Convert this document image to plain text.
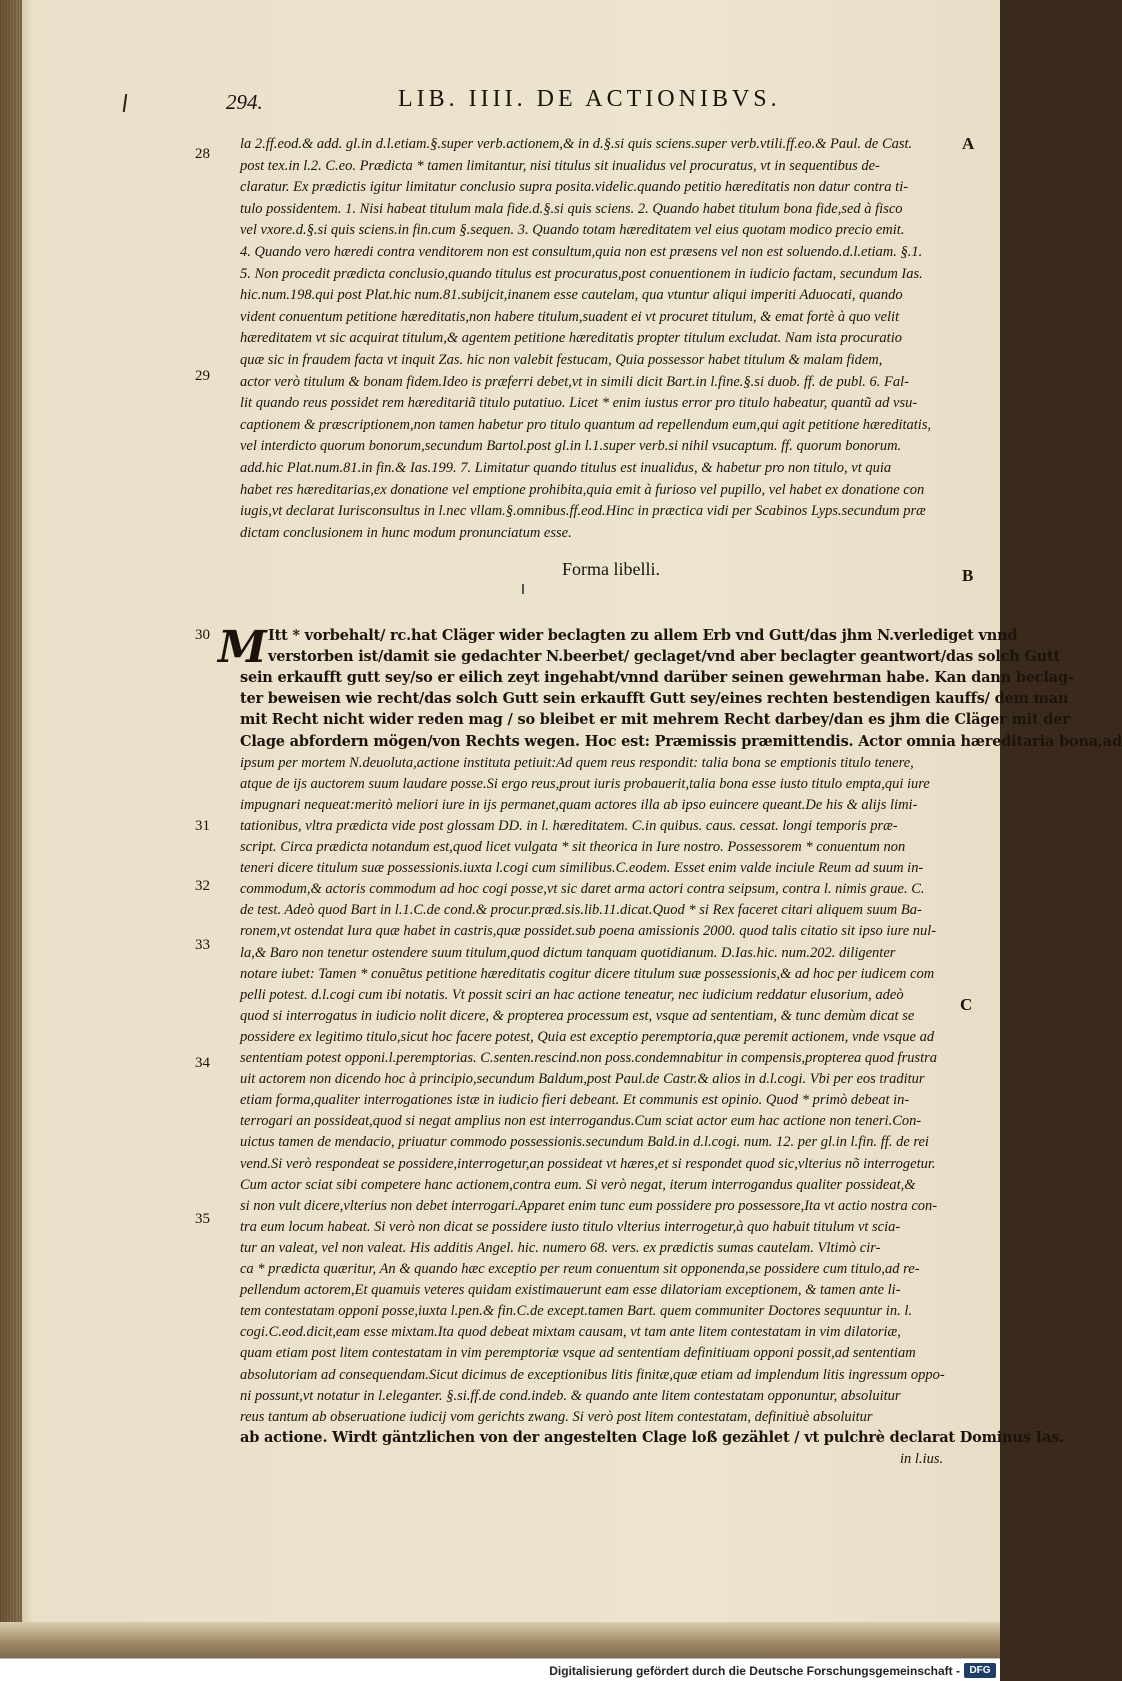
294.	LIB. IIII. DE ACTIONIBVS.
A
B
C
28
29
30
31
32
33
34
35
la 2.ff.eod.& add. gl.in d.l.etiam.§.super verb.actionem,& in d.§.si quis sciens.super verb.vtili.ff.eo.& Paul. de Cast.
post tex.in l.2. C.eo. Prædicta * tamen limitantur, nisi titulus sit inualidus vel procuratus, vt in sequentibus de-
claratur. Ex prædictis igitur limitatur conclusio supra posita.videlic.quando petitio hæreditatis non datur contra ti-
tulo possidentem. 1. Nisi habeat titulum mala fide.d.§.si quis sciens. 2. Quando habet titulum bona fide,sed à fisco
vel vxore.d.§.si quis sciens.in fin.cum §.sequen. 3. Quando totam hæreditatem vel eius quotam modico precio emit.
4. Quando vero hæredi contra venditorem non est consultum,quia non est præsens vel non est soluendo.d.l.etiam. §.1.
5. Non procedit prædicta conclusio,quando titulus est procuratus,post conuentionem in iudicio factam, secundum Ias.
hic.num.198.qui post Plat.hic num.81.subijcit,inanem esse cautelam, qua vtuntur aliqui imperiti Aduocati, quando
vident conuentum petitione hæreditatis,non habere titulum,suadent ei vt procuret titulum, & emat fortè à quo velit
hæreditatem vt sic acquirat titulum,& agentem petitione hæreditatis propter titulum excludat. Nam ista procuratio
quæ sic in fraudem facta vt inquit Zas. hic non valebit festucam, Quia possessor habet titulum & malam fidem,
actor verò titulum & bonam fidem.Ideo is præferri debet,vt in simili dicit Bart.in l.fine.§.si duob. ff. de publ. 6. Fal-
lit quando reus possidet rem hæreditariã titulo putatiuo. Licet * enim iustus error pro titulo habeatur, quantũ ad vsu-
captionem & præscriptionem,non tamen habetur pro titulo quantum ad repellendum eum,qui agit petitione hæreditatis,
vel interdicto quorum bonorum,secundum Bartol.post gl.in l.1.super verb.si nihil vsucaptum. ff. quorum bonorum.
add.hic Plat.num.81.in fin.& Ias.199. 7. Limitatur quando titulus est inualidus, & habetur pro non titulo, vt quia
habet res hæreditarias,ex donatione vel emptione prohibita,quia emit à furioso vel pupillo, vel habet ex donatione con
iugis,vt declarat Iurisconsultus in l.nec vllam.§.omnibus.ff.eod.Hinc in præctica vidi per Scabinos Lyps.secundum præ
dictam conclusionem in hunc modum pronunciatum esse.
Forma libelli.
M Itt * vorbehalt/ rc.hat Cläger wider beclagten zu allem Erb vnd Gutt/das jhm N.verlediget vnnd
verstorben ist/damit sie gedachter N.beerbet/ geclaget/vnd aber beclagter geantwort/das solch Gutt
sein erkaufft gutt sey/so er eilich zeyt ingehabt/vnnd darüber seinen gewehrman habe. Kan dann beclag-
ter beweisen wie recht/das solch Gutt sein erkaufft Gutt sey/eines rechten bestendigen kauffs/ dem man
mit Recht nicht wider reden mag / so bleibet er mit mehrem Recht darbey/dan es jhm die Cläger mit der
Clage abfordern mögen/von Rechts wegen. Hoc est: Præmissis præmittendis. Actor omnia hæreditaria bona,ad
ipsum per mortem N.deuoluta,actione instituta petiuit:Ad quem reus respondit: talia bona se emptionis titulo tenere,
atque de ijs auctorem suum laudare posse.Si ergo reus,prout iuris probauerit,talia bona esse iusto titulo empta,qui iure
impugnari nequeat:meritò meliori iure in ijs permanet,quam actores illa ab ipso euincere queant.De his & alijs limi-
tationibus, vltra prædicta vide post glossam DD. in l. hæreditatem. C.in quibus. caus. cessat. longi temporis præ-
script. Circa prædicta notandum est,quod licet vulgata * sit theorica in Iure nostro. Possessorem * conuentum non
teneri dicere titulum suæ possessionis.iuxta l.cogi cum similibus.C.eodem. Esset enim valde inciule Reum ad suum in-
commodum,& actoris commodum ad hoc cogi posse,vt sic daret arma actori contra seipsum, contra l. nimis graue. C.
de test. Adeò quod Bart in l.1.C.de cond.& procur.præd.sis.lib.11.dicat.Quod * si Rex faceret citari aliquem suum Ba-
ronem,vt ostendat Iura quæ habet in castris,quæ possidet.sub poena amissionis 2000. quod talis citatio sit ipso iure nul-
la,& Baro non tenetur ostendere suum titulum,quod dictum tanquam quotidianum. D.Ias.hic. num.202. diligenter
notare iubet: Tamen * conuẽtus petitione hæreditatis cogitur dicere titulum suæ possessionis,& ad hoc per iudicem com
pelli potest. d.l.cogi cum ibi notatis. Vt possit sciri an hac actione teneatur, nec iudicium reddatur elusorium, adeò
quod si interrogatus in iudicio nolit dicere, & propterea processum est, vsque ad sententiam, & tunc demùm dicat se
possidere ex legitimo titulo,sicut hoc facere potest, Quia est exceptio peremptoria,quæ peremit actionem, vnde vsque ad
sententiam potest opponi.l.peremptorias. C.senten.rescind.non poss.condemnabitur in compensis,propterea quod frustra
uit actorem non dicendo hoc à principio,secundum Baldum,post Paul.de Castr.& alios in d.l.cogi. Vbi per eos traditur
etiam forma,qualiter interrogationes istæ in iudicio fieri debeant. Et communis est opinio. Quod * primò debeat in-
terrogari an possideat,quod si negat amplius non est interrogandus.Cum sciat actor eum hac actione non teneri.Con-
uictus tamen de mendacio, priuatur commodo possessionis.secundum Bald.in d.l.cogi. num. 12. per gl.in l.fin. ff. de rei
vend.Si verò respondeat se possidere,interrogetur,an possideat vt hæres,et si respondet quod sic,vlterius nõ interrogetur.
Cum actor sciat sibi competere hanc actionem,contra eum. Si verò negat, iterum interrogandus qualiter possideat,&
si non vult dicere,vlterius non debet interrogari.Apparet enim tunc eum possidere pro possessore,Ita vt actio nostra con-
tra eum locum habeat. Si verò non dicat se possidere iusto titulo vlterius interrogetur,à quo habuit titulum vt scia-
tur an valeat, vel non valeat. His additis Angel. hic. numero 68. vers. ex prædictis sumas cautelam. Vltimò cir-
ca * prædicta quæritur, An & quando hæc exceptio per reum conuentum sit opponenda,se possidere cum titulo,ad re-
pellendum actorem,Et quamuis veteres quidam existimauerunt eam esse dilatoriam exceptionem, & tamen ante li-
tem contestatam opponi posse,iuxta l.pen.& fin.C.de except.tamen Bart. quem communiter Doctores sequuntur in. l.
cogi.C.eod.dicit,eam esse mixtam.Ita quod debeat mixtam causam, vt tam ante litem contestatam in vim dilatoriæ,
quam etiam post litem contestatam in vim peremptoriæ vsque ad sententiam definitiuam opponi possit,ad sententiam
absolutoriam ad consequendam.Sicut dicimus de exceptionibus litis finitæ,quæ etiam ad implendum litis ingressum oppo-
ni possunt,vt notatur in l.eleganter. §.si.ff.de cond.indeb. & quando ante litem contestatam opponuntur, absoluitur
reus tantum ab obseruatione iudicij vom gerichts zwang. Si verò post litem contestatam, definitiuè absoluitur
ab actione. Wirdt gäntzlichen von der angestelten Clage loß gezählet / vt pulchrè declarat Dominus Ias.
in l.ius.
Digitalisierung gefördert durch die Deutsche Forschungsgemeinschaft - DFG
